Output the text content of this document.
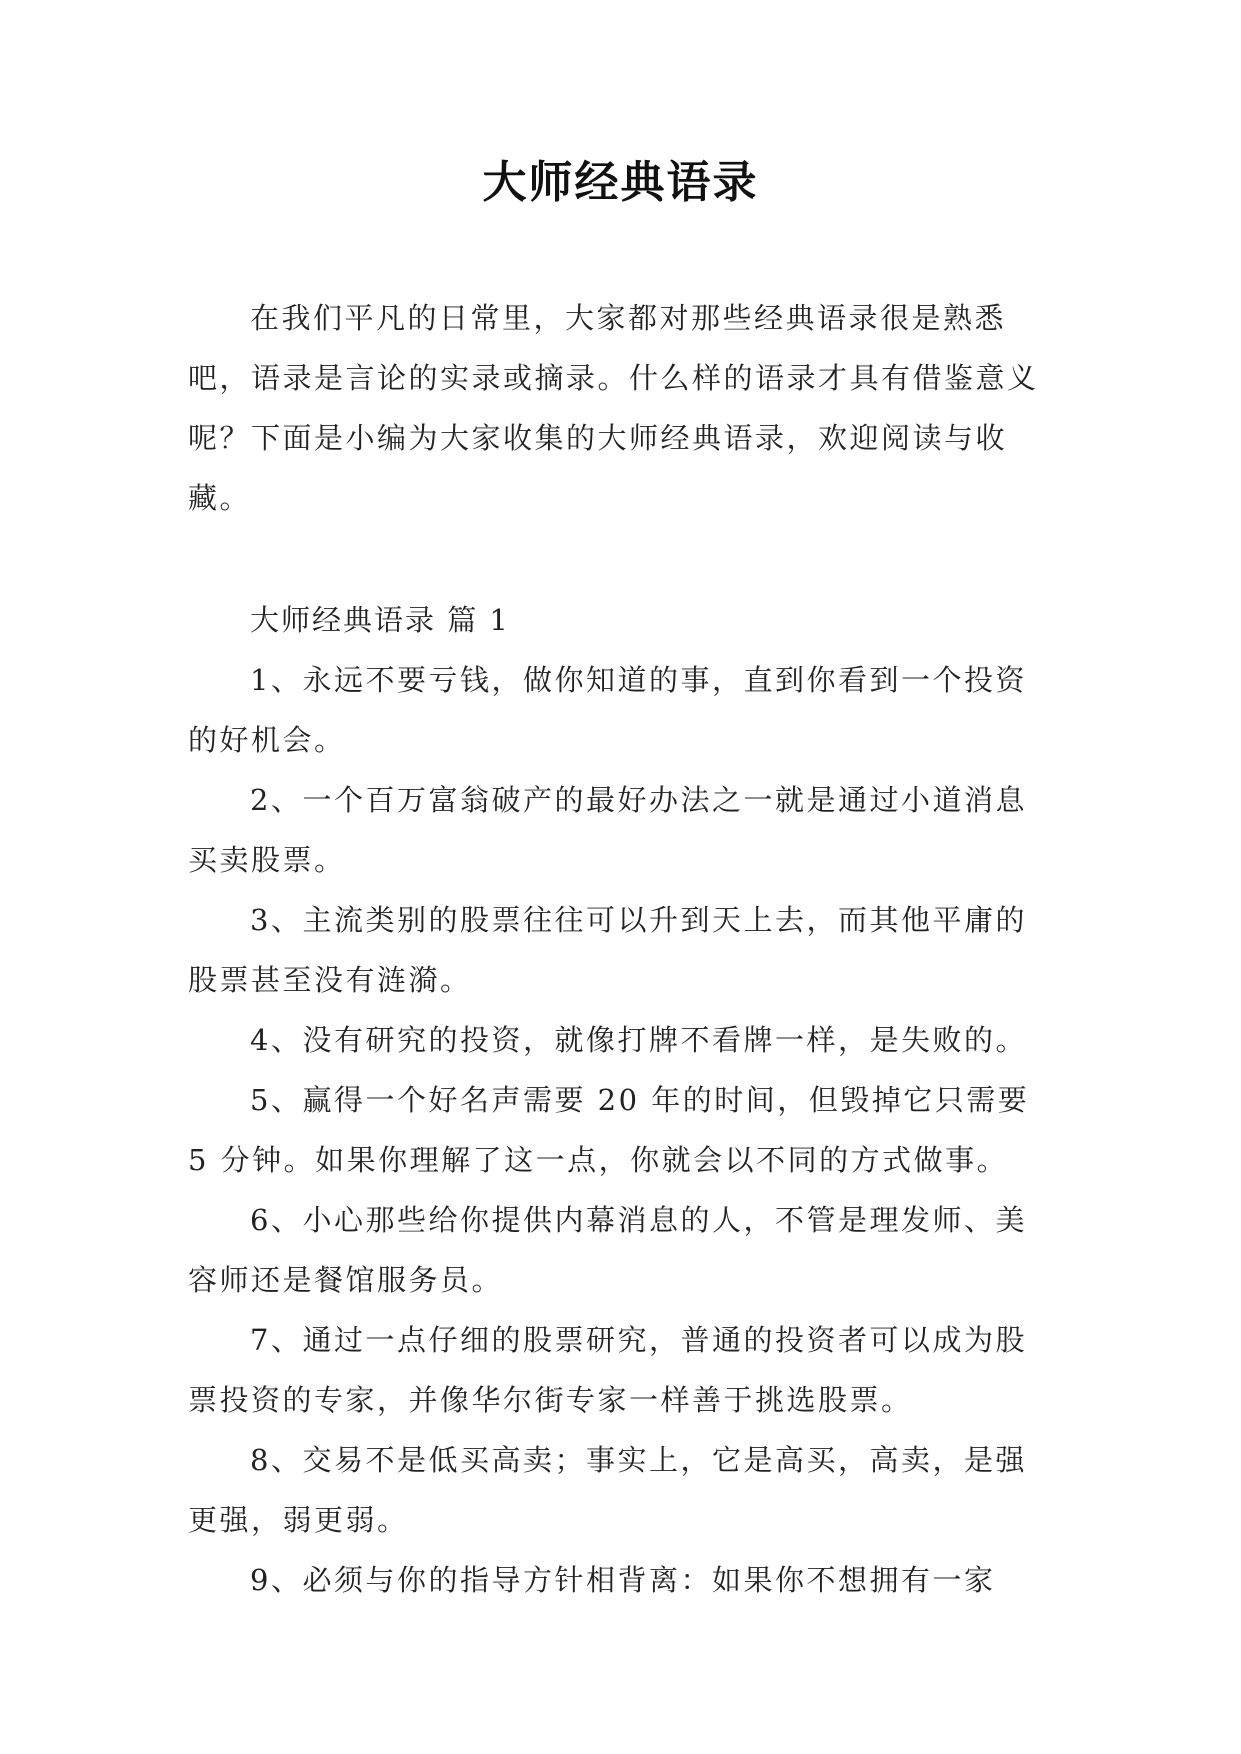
大师经典语录

在我们平凡的日常里，大家都对那些经典语录很是熟悉吧，语录是言论的实录或摘录。什么样的语录才具有借鉴意义呢？下面是小编为大家收集的大师经典语录，欢迎阅读与收藏。

大师经典语录 篇 1

1、永远不要亏钱，做你知道的事，直到你看到一个投资的好机会。

2、一个百万富翁破产的最好办法之一就是通过小道消息买卖股票。

3、主流类别的股票往往可以升到天上去，而其他平庸的股票甚至没有涟漪。

4、没有研究的投资，就像打牌不看牌一样，是失败的。

5、赢得一个好名声需要 20 年的时间，但毁掉它只需要 5 分钟。如果你理解了这一点，你就会以不同的方式做事。

6、小心那些给你提供内幕消息的人，不管是理发师、美容师还是餐馆服务员。

7、通过一点仔细的股票研究，普通的投资者可以成为股票投资的专家，并像华尔街专家一样善于挑选股票。

8、交易不是低买高卖；事实上，它是高买，高卖，是强更强，弱更弱。

9、必须与你的指导方针相背离：如果你不想拥有一家
